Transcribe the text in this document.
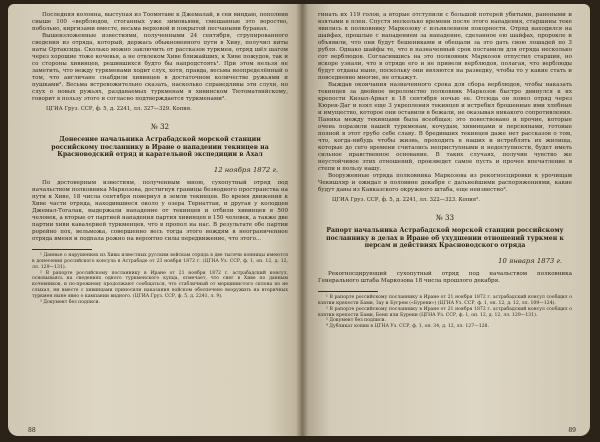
Последняя колонна, выступая из Тоомятаве к Джемалай, в сеи виндаю, пополнив свыше 100 «верблюдов, стоганных уже зимовьями, смешанные это вороство, побольно, киргизами вместе, весьма верховой и покрытой песчаными буранах.

Вышеизложенные известиями, полученными 24 сентября, сгрупированного сведения из отряда, который, держась обыкновенного пути в Хиву, получил киты наты Ортаксида. Сколько можно заключить от рассказов туркмен, отряд шёл шагом через хорошие тоже кочевья, а не отвлеком Хиве ближайших, к Хиве пожудов, так и со стороны хивинцев, решившихся будто бы напродстоять¹. При этом нельзя не заметить, что вежду туркменами ходит слух, хотя, правда, весьма неопределённый о том, что англичане снабдили хивинцев в достаточном количестве ружьями и пушками². Весьма встревожительно сказать, насколько справедливы эти слухи, но слух о новых ружьях, раздаваемых туркменам в хивинском Тютоматвийскому, говорит в пользу этого и согласно подтверждается туркменами³.

ЦГИА Груз. ССР, ф. 5, д. 2241, лл. 327—329. Копия.

№ 32

Донесение начальника Астрабадской морской станции российскому посланнику в Иране о нападении текинцев на Красноводский отряд и карательной экспедиции в Ахал

12 ноября 1872 г.

По достоверным известиям, полученным мною, сухопутный отряд под начальством полковника Маркозова, достигнув границы безводного пространства на пути к Хиве, 18 числа сентября повернул в земли текинцев. Во время движения к Хиве части отряда, находившиеся около у озера Тернаттан, и другая у колодцев Джемал-Тогалак, выдержали нападение от текинцев и отбили хивинцев в 500 человек, а вторые от партией нападения партия хивинцев в 150 человек, а также две партии хиви кавалерией туркменцев, что в пропол на нас. В результате обе партии рорейно пох, вельможа, совершенно весь тогда этого вождям в неограниченное отряда вменя и подпала рожно на вероятно силы передвижение, что этого...

¹ Данные о нарушениях из Хивы известных русским войскам отряда в две тысячи конницы имеются в донесении российского консула в Астрабаде от 23 ноября 1872 г. (ЦГНА Уз. ССР, ф. 1, оп. 12, д. 12, лл. 129—131).

² В рапорте российскому посланнику в Иране от 21 ноября 1872 г. астрабадский консул, основываясь на сведениях одного туркменского купца, отмечает, что снег в Хиве по данным кочевников, и по-прежнему продолжают сообщаться, что стабличный от морщинистого склона по не слыхал, ни вместе с хивинцами приносили наказания войском обеспечено вооружить на вторичных туркмен ныне явно о кампании видного. (ЦГИА Груз. ССР, ф. 5, д. 2241, л. 9).

³ Документ без подписи.

88

гинать их 119 голов, а вторые отступили с большой потерей убитыми, ранеными и взятыми в плен. Спустя несколько времени после этого нападения, старшины теке явились к полковнику Маркозову с изъявлением покорности. Отряд находился на шайфах, прошлые с нападением за нападение, сделанное ею шайфах, пророкле и объявили, что они будут бешениками и обещали за это дать свою лошадей по 3 рубля. Однако шайфы те, что в назначенный срок поставили для отряда несколько сот верблюдов. Согласившись на это полковник Маркозов отпустил старшин, но вскоре узнали, что в отряде его и не привели верблюдов, полагая, что верблюды будут отданы ныне, поскольку они являются на разведку, чтобы то у какие стать и повседневно многие, не откажут.

Выждав окончания назначенного срока для сбора верблюдов, чтобы наказать текинцев за двойное вероломство полковник Маркозов быстро двинулся к их крепости Кизыл-Арват в 18 сентября ночью ее. Отсюда он повел отряд через Кюрен-Даг и взял еще 3 укрепления текинцев и истребил брошенные ими хлебные и имущество, которое они оставили в бежали, не оказывая никакого сопротивления. Паника между текинцами была всеобщая; это повествовано и прочие, которые очень поразили нашей туркменам, кочудам, хивинцами и персиянами, готовые полной в этот грубо себе славу. В бредивших текинцев даже нет рассказов о том, что, когда-нибудь чтобы жизнь, проходить в наших и истреблять их жилища, которые до сего времени считались неприступными и недоступности, будет иметь сильное нравственное основание. В таких случаях, получив чувство же неустойчивое этих отношений, произведет самое пусть и прочее впечатление в степи и пользу нашу.

Вооруженные отряда полковника Маркозова из рекогносцировки к урочищам Чекишляр и ожидал в половине декабря с дальнейшими распоряжениями, какие будут даны из Кавказского окружного штаба, еще неизвестно².

ЦГИА Груз. ССР, ф. 5, д. 2241, лл. 322—323. Копия³.

№ 33

Рапорт начальника Астрабадской морской станции российскому посланнику в делах в Иране об ухудшении отношений туркмен к персам и действиях Красноводского отряда

10 января 1873 г.

Рекогносцирующий сухопутный отряд под начальством полковника Генерального штаба Маркозова 18 числа прошлого декабря.

¹ В рапорте российскому посланнику в Иране от 21 ноября 1872 г. астрабадский консул сообщил о взятии крепости Бами, Зау и Бугрем («Бурени») (ЦГНА Уз. ССР, ф. 1, оп. 12, д. 12, лл. 109—124).

² В рапорте российскому посланнику в Иране от 21 ноября 1872 г. астрабадский консул сообщил о взятии крепости Бами, Бени или Бурени (ЦГНА Уз. ССР, ф. 1, оп. 12, д. 12, лл. 129—131).

³ Документ без подписи.

⁴ Дубликат копии в ЦГНА Уз. ССР, ф. 1, оп. 34, д. 12, лл. 127—128.

89
